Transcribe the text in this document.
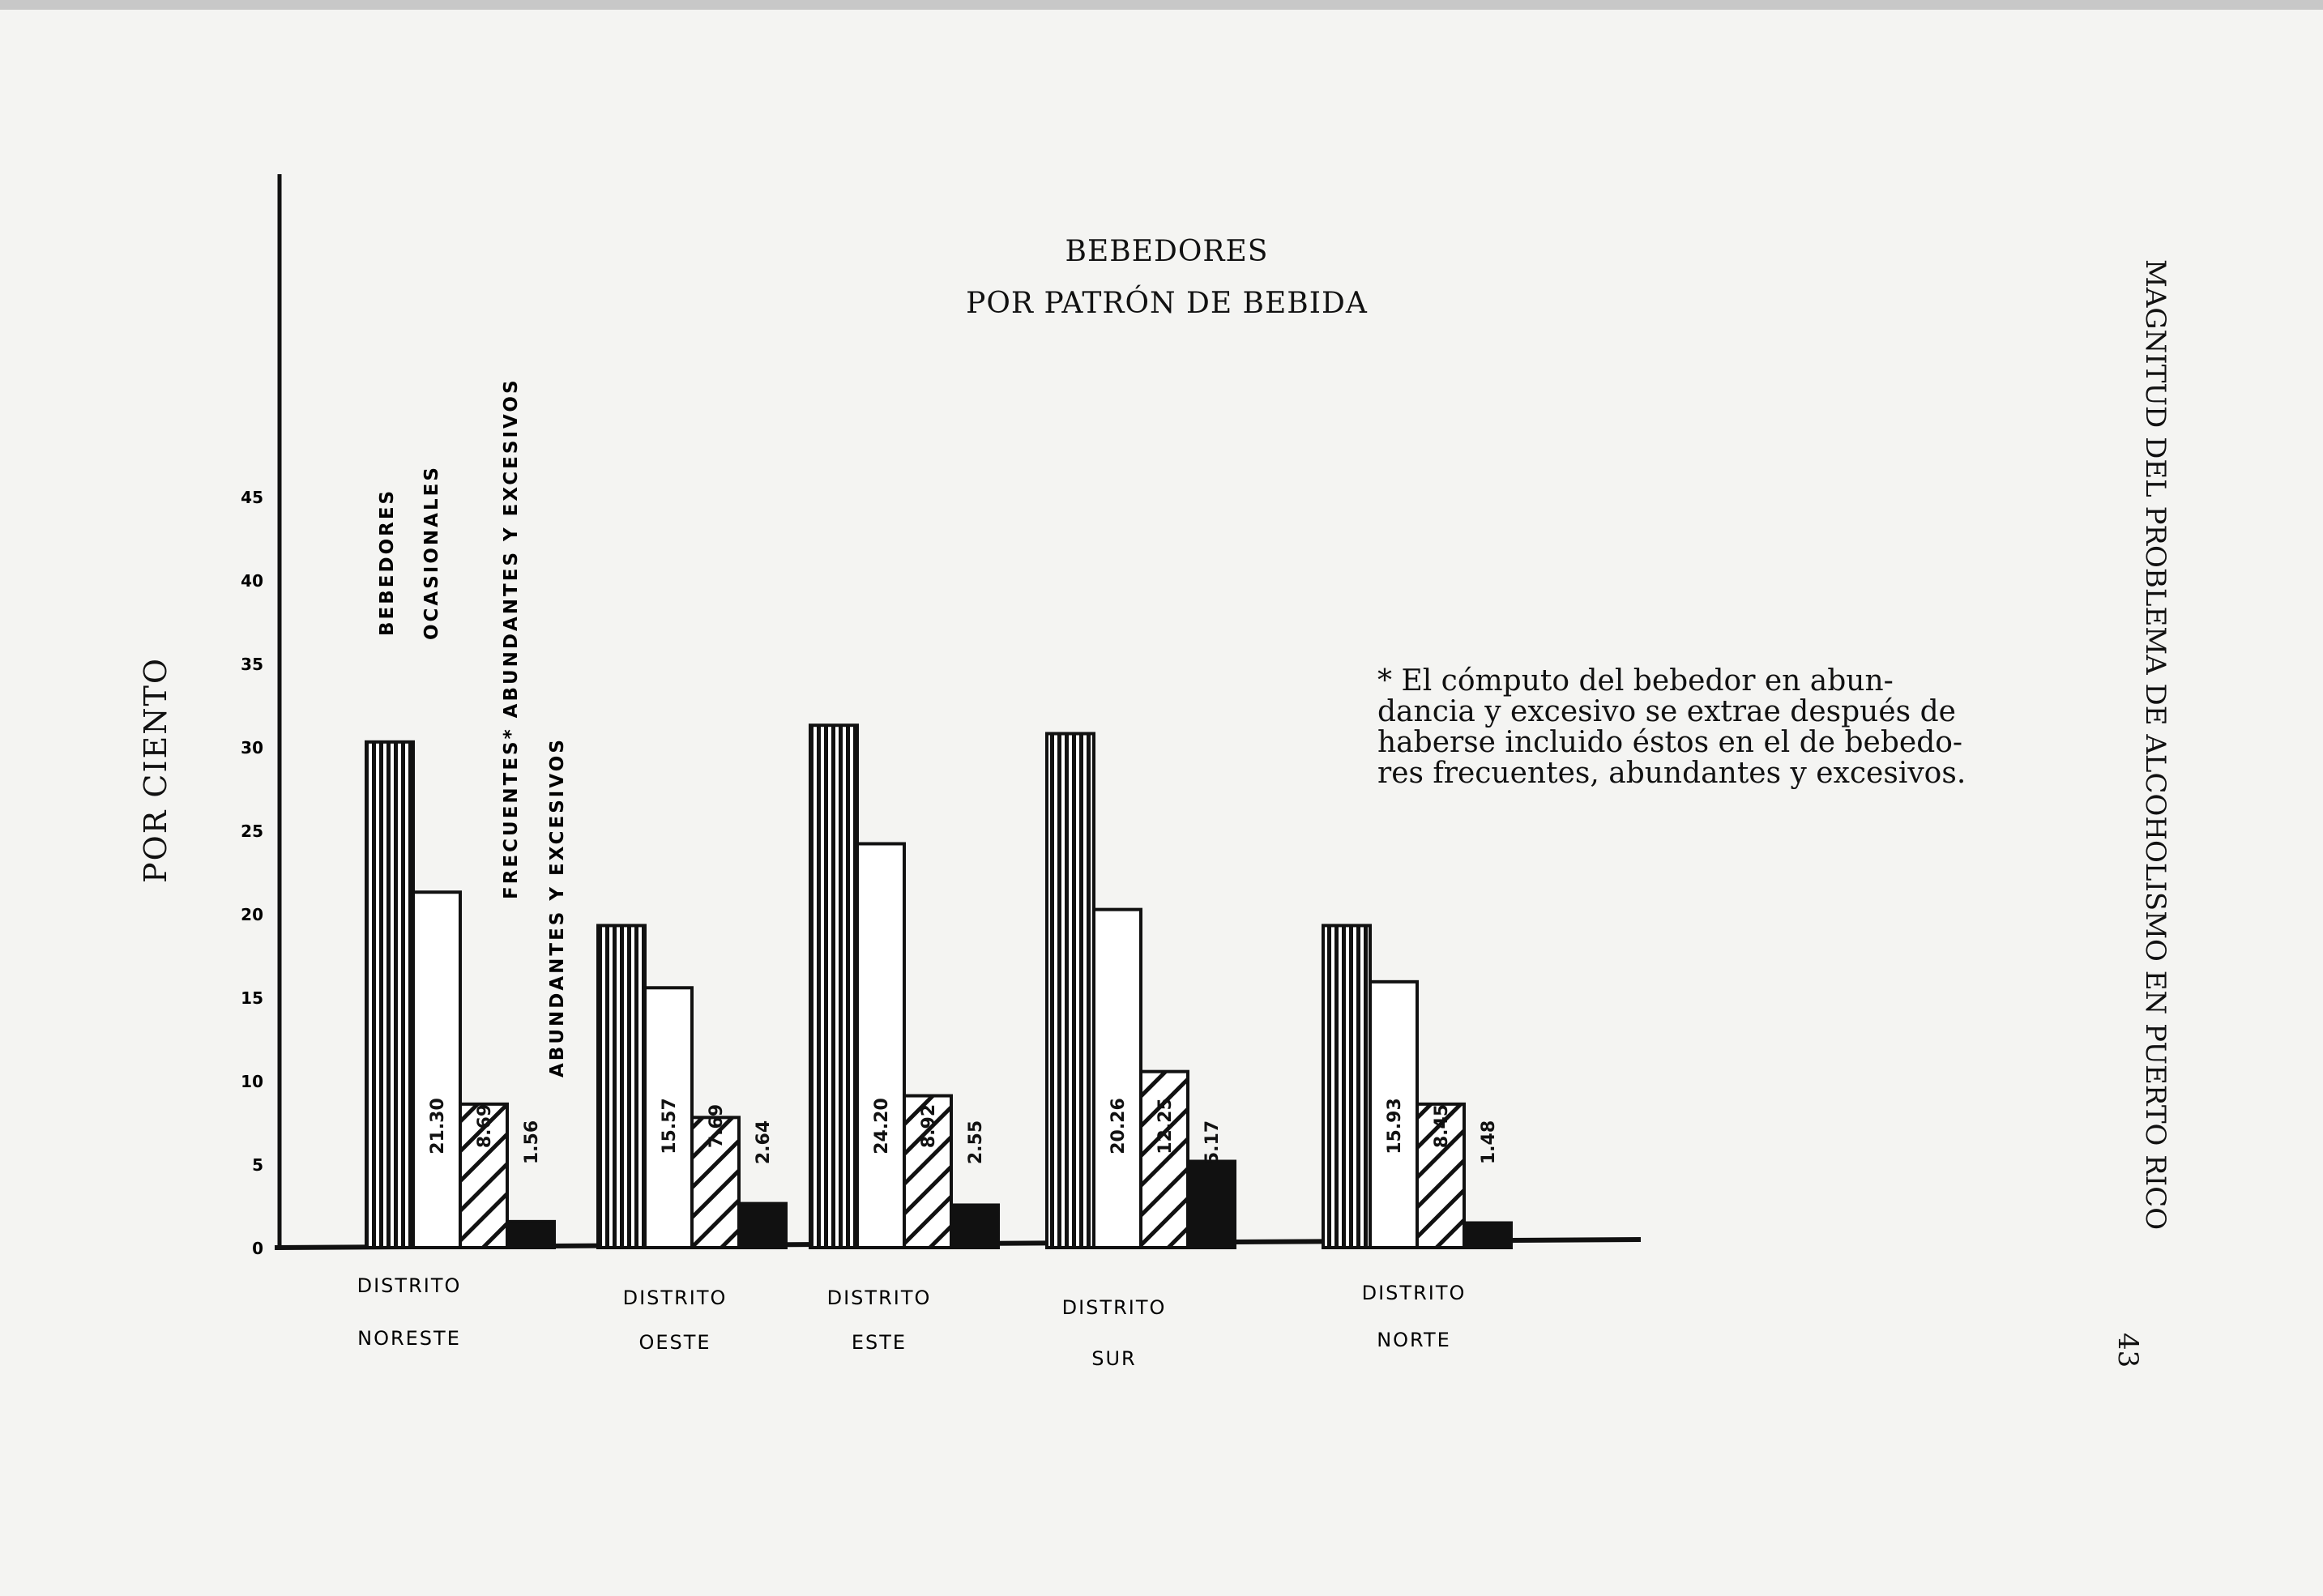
BEBEDORES
POR PATRÓN DE BEBIDA
POR CIENTO
0
5
10
15
20
25
30
35
40
45
21.30	15.57	24.20	20.26	15.93
8.69	7.69	8.92	12.25	8.45
1.56	2.64	2.55	5.17	1.48
BEBEDORES OCASIONALES	FRECUENTES* ABUNDANTES Y EXCESIVOS
ABUNDANTES Y EXCESIVOS
DISTRITO
NORESTE
DISTRITO
OESTE
DISTRITO
ESTE
DISTRITO
SUR
DISTRITO
NORTE
* El cómputo del bebedor en abun-
dancia y excesivo se extrae después de
haberse incluido éstos en el de bebedo-
res frecuentes, abundantes y excesivos.	MAGNITUD DEL PROBLEMA DE ALCOHOLISMO EN PUERTO RICO
43
